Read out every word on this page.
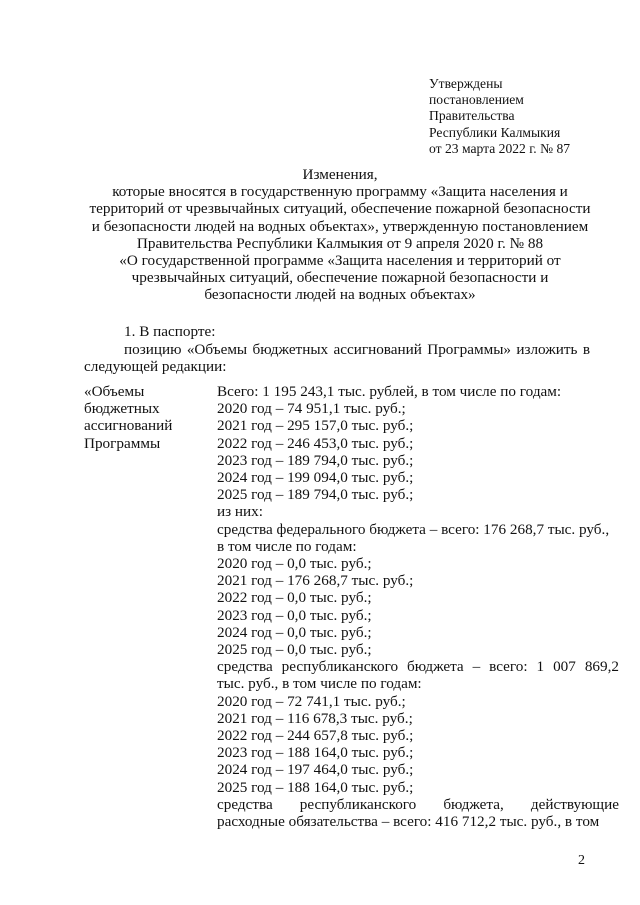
Утверждены
постановлением
Правительства
Республики Калмыкия
от 23 марта 2022 г. № 87
Изменения,
которые вносятся в государственную программу «Защита населения и
территорий от чрезвычайных ситуаций, обеспечение пожарной безопасности
и безопасности людей на водных объектах», утвержденную постановлением
Правительства Республики Калмыкия от 9 апреля 2020 г. № 88
«О государственной программе «Защита населения и территорий от
чрезвычайных ситуаций, обеспечение пожарной безопасности и
безопасности людей на водных объектах»
1. В паспорте:
позицию «Объемы бюджетных ассигнований Программы» изложить в
следующей редакции:
«Объемы
бюджетных
ассигнований
Программы
Всего: 1 195 243,1 тыс. рублей, в том числе по годам:
2020 год – 74 951,1 тыс. руб.;
2021 год – 295 157,0 тыс. руб.;
2022 год – 246 453,0 тыс. руб.;
2023 год – 189 794,0 тыс. руб.;
2024 год – 199 094,0 тыс. руб.;
2025 год – 189 794,0 тыс. руб.;
из них:
средства федерального бюджета – всего: 176 268,7 тыс. руб.,
в том числе по годам:
2020 год – 0,0 тыс. руб.;
2021 год – 176 268,7 тыс. руб.;
2022 год – 0,0 тыс. руб.;
2023 год – 0,0 тыс. руб.;
2024 год – 0,0 тыс. руб.;
2025 год – 0,0 тыс. руб.;
средства республиканского бюджета – всего: 1 007 869,2
тыс. руб., в том числе по годам:
2020 год – 72 741,1 тыс. руб.;
2021 год – 116 678,3 тыс. руб.;
2022 год – 244 657,8 тыс. руб.;
2023 год – 188 164,0 тыс. руб.;
2024 год – 197 464,0 тыс. руб.;
2025 год – 188 164,0 тыс. руб.;
средства республиканского бюджета, действующие
расходные обязательства – всего: 416 712,2 тыс. руб., в том
2
